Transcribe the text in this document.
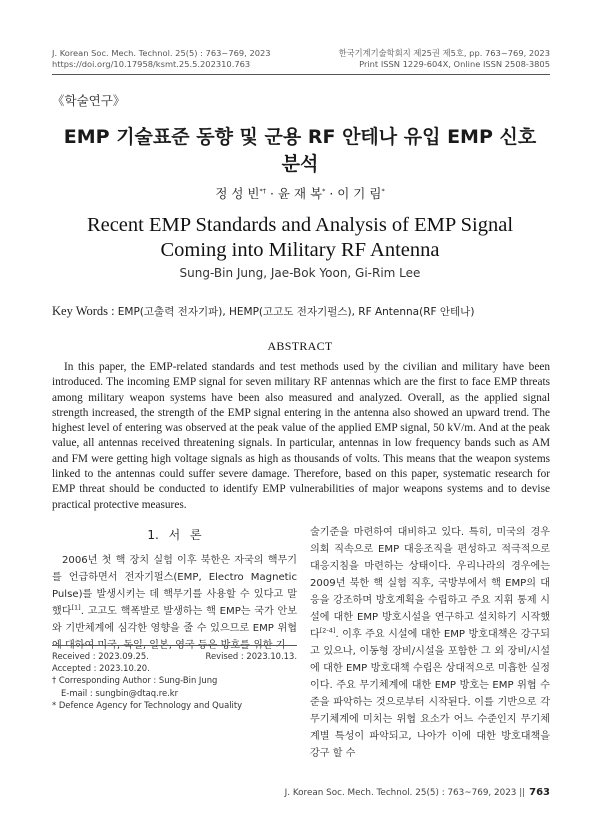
J. Korean Soc. Mech. Technol. 25(5) : 763~769, 2023
https://doi.org/10.17958/ksmt.25.5.202310.763
한국기계기술학회지 제25권 제5호, pp. 763~769, 2023
Print ISSN 1229-604X, Online ISSN 2508-3805
《학술연구》
EMP 기술표준 동향 및 군용 RF 안테나 유입 EMP 신호 분석
정 성 빈*† · 윤 재 복* · 이 기 림*
Recent EMP Standards and Analysis of EMP Signal Coming into Military RF Antenna
Sung-Bin Jung, Jae-Bok Yoon, Gi-Rim Lee
Key Words : EMP(고출력 전자기파), HEMP(고고도 전자기펄스), RF Antenna(RF 안테나)
ABSTRACT
In this paper, the EMP-related standards and test methods used by the civilian and military have been introduced. The incoming EMP signal for seven military RF antennas which are the first to face EMP threats among military weapon systems have been also measured and analyzed. Overall, as the applied signal strength increased, the strength of the EMP signal entering in the antenna also showed an upward trend. The highest level of entering was observed at the peak value of the applied EMP signal, 50 kV/m. And at the peak value, all antennas received threatening signals. In particular, antennas in low frequency bands such as AM and FM were getting high voltage signals as high as thousands of volts. This means that the weapon systems linked to the antennas could suffer severe damage. Therefore, based on this paper, systematic research for EMP threat should be conducted to identify EMP vulnerabilities of major weapons systems and to devise practical protective measures.
1. 서 론
2006년 첫 핵 장치 실험 이후 북한은 자국의 핵무기를 언급하면서 전자기펄스(EMP, Electro Magnetic Pulse)를 발생시키는 데 핵무기를 사용할 수 있다고 말했다[1]. 고고도 핵폭발로 발생하는 핵 EMP는 국가 안보와 기반체계에 심각한 영향을 줄 수 있으므로 EMP 위협에 대하여 미국, 독일, 일본, 영국 등은 방호를 위한 기
술기준을 마련하여 대비하고 있다. 특히, 미국의 경우 의회 직속으로 EMP 대응조직을 편성하고 적극적으로 대응지침을 마련하는 상태이다. 우리나라의 경우에는 2009년 북한 핵 실험 직후, 국방부에서 핵 EMP의 대응을 강조하며 방호계획을 수립하고 주요 지휘 통제 시설에 대한 EMP 방호시설을 연구하고 설치하기 시작했다[2-4]. 이후 주요 시설에 대한 EMP 방호대책은 강구되고 있으나, 이동형 장비/시설을 포함한 그 외 장비/시설에 대한 EMP 방호대책 수립은 상대적으로 미흡한 실정이다. 주요 무기체계에 대한 EMP 방호는 EMP 위협 수준을 파악하는 것으로부터 시작된다. 이를 기반으로 각 무기체계에 미치는 위협 요소가 어느 수준인지 무기체계별 특성이 파악되고, 나아가 이에 대한 방호대책을 강구 할 수
Received : 2023.09.25.	Revised : 2023.10.13.
Accepted : 2023.10.20.
† Corresponding Author : Sung-Bin Jung
E-mail : sungbin@dtaq.re.kr
* Defence Agency for Technology and Quality
J. Korean Soc. Mech. Technol. 25(5) : 763~769, 2023 || 763
